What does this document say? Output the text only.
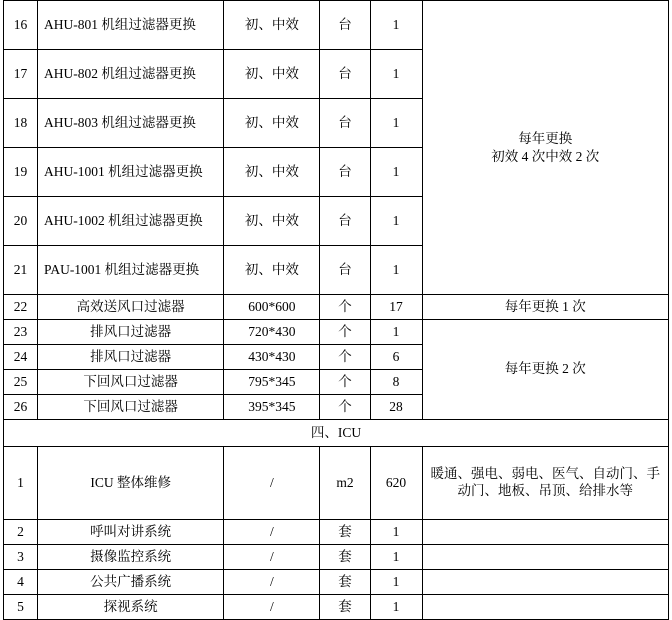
16	AHU-801 机组过滤器更换	初、中效	台	1	每年更换
初效 4 次中效 2 次

17	AHU-802 机组过滤器更换	初、中效	台	1	
18	AHU-803 机组过滤器更换	初、中效	台	1	
19	AHU-1001 机组过滤器更换	初、中效	台	1	
20	AHU-1002 机组过滤器更换	初、中效	台	1	
21	PAU-1001 机组过滤器更换	初、中效	台	1	
22	高效送风口过滤器	600*600	个	17	每年更换 1 次
23	排风口过滤器	720*430	个	1	每年更换 2 次
24	排风口过滤器	430*430	个	6	
25	下回风口过滤器	795*345	个	8	
26	下回风口过滤器	395*345	个	28	
四、ICU					
1	ICU 整体维修	/	m2	620	暖通、强电、弱电、医气、自动门、手动门、地板、吊顶、给排水等
2	呼叫对讲系统	/	套	1	
3	摄像监控系统	/	套	1	
4	公共广播系统	/	套	1	
5	探视系统	/	套	1	
